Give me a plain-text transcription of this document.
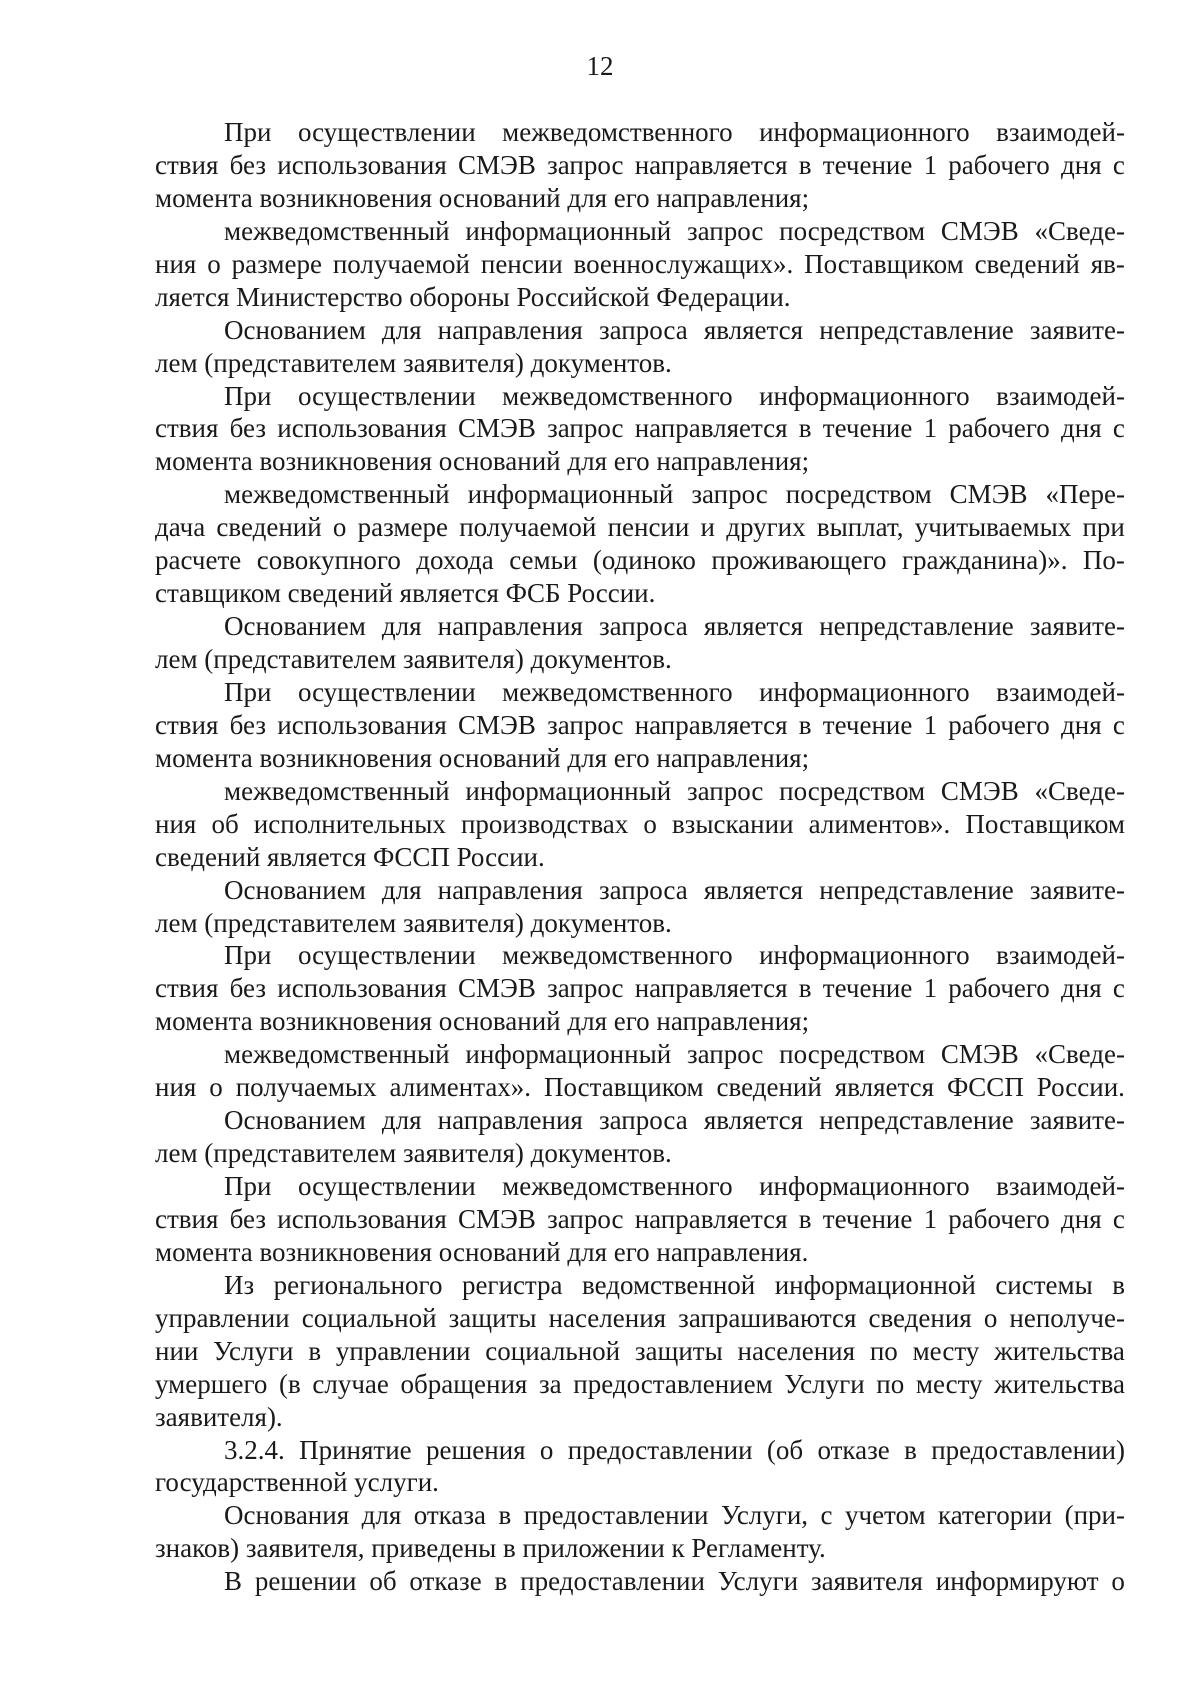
12
При осуществлении межведомственного информационного взаимодей-
ствия без использования СМЭВ запрос направляется в течение 1 рабочего дня с
момента возникновения оснований для его направления;
межведомственный информационный запрос посредством СМЭВ «Сведе-
ния о размере получаемой пенсии военнослужащих». Поставщиком сведений яв-
ляется Министерство обороны Российской Федерации.
Основанием для направления запроса является непредставление заявите-
лем (представителем заявителя) документов.
При осуществлении межведомственного информационного взаимодей-
ствия без использования СМЭВ запрос направляется в течение 1 рабочего дня с
момента возникновения оснований для его направления;
межведомственный информационный запрос посредством СМЭВ «Пере-
дача сведений о размере получаемой пенсии и других выплат, учитываемых при
расчете совокупного дохода семьи (одиноко проживающего гражданина)». По-
ставщиком сведений является ФСБ России.
Основанием для направления запроса является непредставление заявите-
лем (представителем заявителя) документов.
При осуществлении межведомственного информационного взаимодей-
ствия без использования СМЭВ запрос направляется в течение 1 рабочего дня с
момента возникновения оснований для его направления;
межведомственный информационный запрос посредством СМЭВ «Сведе-
ния об исполнительных производствах о взыскании алиментов». Поставщиком
сведений является ФССП России.
Основанием для направления запроса является непредставление заявите-
лем (представителем заявителя) документов.
При осуществлении межведомственного информационного взаимодей-
ствия без использования СМЭВ запрос направляется в течение 1 рабочего дня с
момента возникновения оснований для его направления;
межведомственный информационный запрос посредством СМЭВ «Сведе-
ния о получаемых алиментах». Поставщиком сведений является ФССП России.
Основанием для направления запроса является непредставление заявите-
лем (представителем заявителя) документов.
При осуществлении межведомственного информационного взаимодей-
ствия без использования СМЭВ запрос направляется в течение 1 рабочего дня с
момента возникновения оснований для его направления.
Из регионального регистра ведомственной информационной системы в
управлении социальной защиты населения запрашиваются сведения о неполуче-
нии Услуги в управлении социальной защиты населения по месту жительства
умершего (в случае обращения за предоставлением Услуги по месту жительства
заявителя).
3.2.4. Принятие решения о предоставлении (об отказе в предоставлении)
государственной услуги.
Основания для отказа в предоставлении Услуги, с учетом категории (при-
знаков) заявителя, приведены в приложении к Регламенту.
В решении об отказе в предоставлении Услуги заявителя информируют о
